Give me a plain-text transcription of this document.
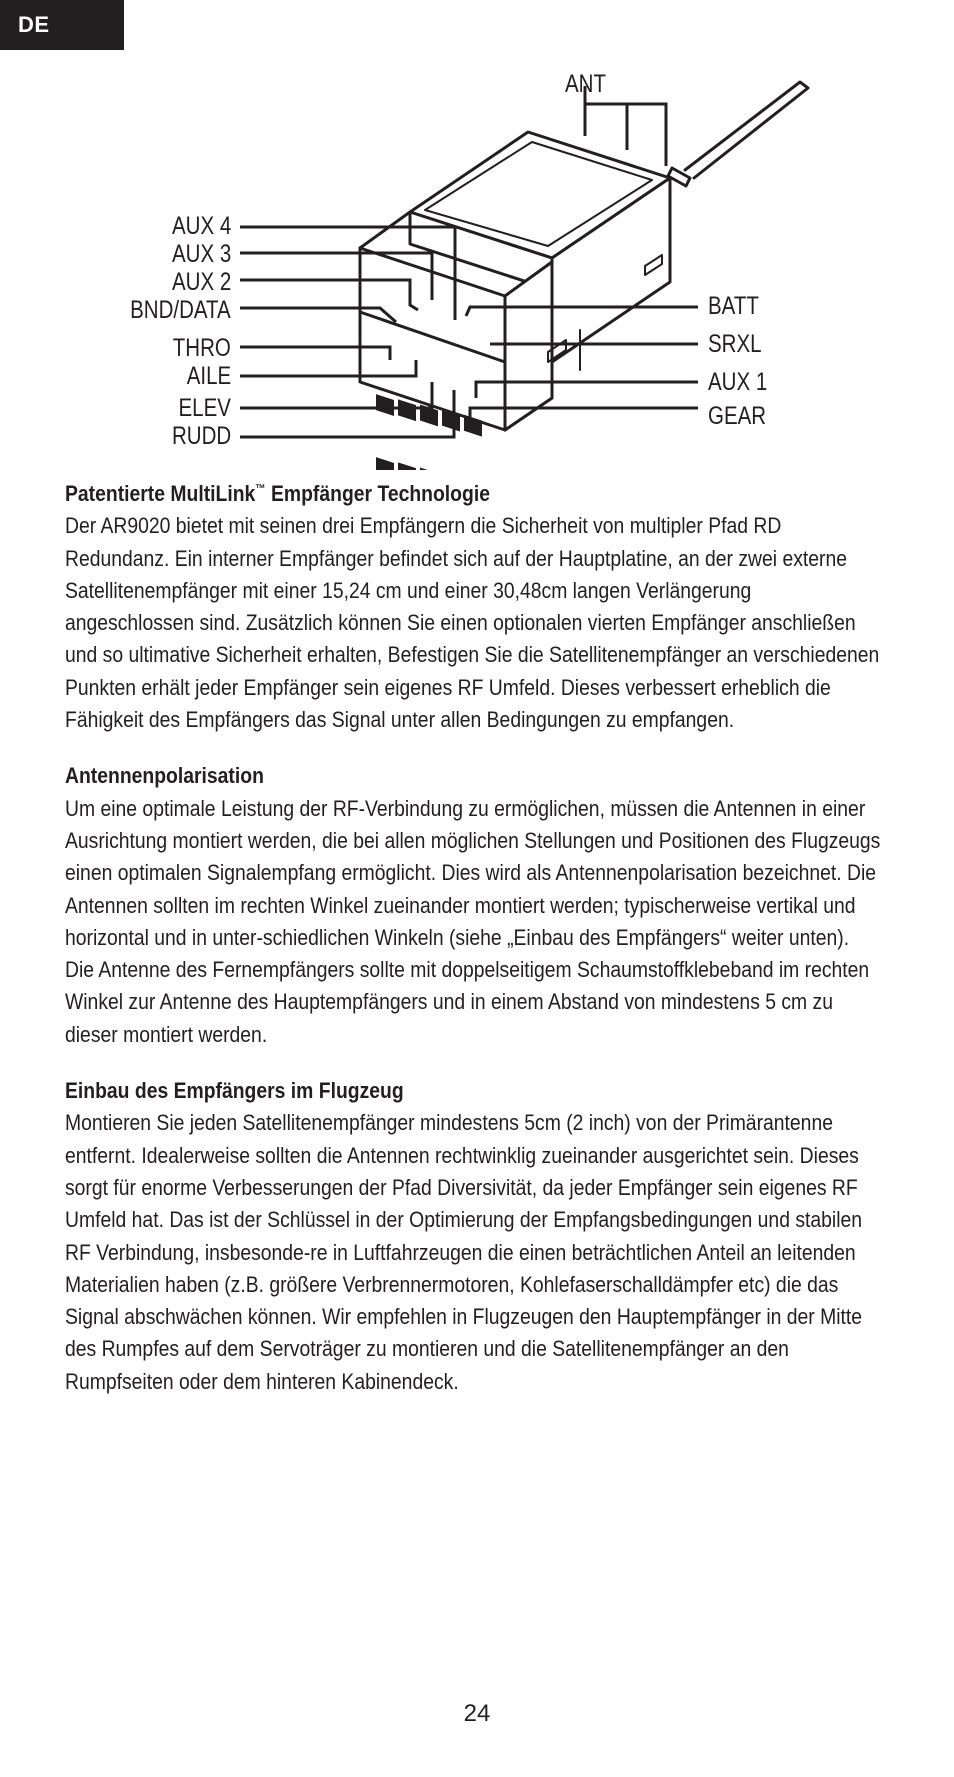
DE
ANT
AUX 4
AUX 3
AUX 2
BND/DATA
THRO
AILE
ELEV
RUDD
BATT
SRXL
AUX 1
GEAR
Patentierte MultiLink™ Empfänger Technologie

Der AR9020 bietet mit seinen drei Empfängern die Sicherheit von multipler Pfad RD Redundanz. Ein interner Empfänger befindet sich auf der Hauptplatine, an der zwei externe Satellitenempfänger mit einer 15,24 cm und einer 30,48cm langen Verlängerung angeschlossen sind. Zusätzlich können Sie einen optionalen vierten Empfänger anschließen und so ultimative Sicherheit erhalten, Befestigen Sie die Satellitenempfänger an verschiedenen Punkten erhält jeder Empfänger sein eigenes RF Umfeld. Dieses verbessert erheblich die Fähigkeit des Empfängers das Signal unter allen Bedingungen zu empfangen.

Antennenpolarisation

Um eine optimale Leistung der RF-Verbindung zu ermöglichen, müssen die Antennen in einer Ausrichtung montiert werden, die bei allen möglichen Stellungen und Positionen des Flugzeugs einen optimalen Signalempfang ermöglicht. Dies wird als Antennenpolarisation bezeichnet. Die Antennen sollten im rechten Winkel zueinander montiert werden; typischerweise vertikal und horizontal und in unter-schiedlichen Winkeln (siehe „Einbau des Empfängers“ weiter unten). Die Antenne des Fernempfängers sollte mit doppelseitigem Schaumstoffklebeband im rechten Winkel zur Antenne des Hauptempfängers und in einem Abstand von mindestens 5 cm zu dieser montiert werden.

Einbau des Empfängers im Flugzeug

Montieren Sie jeden Satellitenempfänger mindestens 5cm (2 inch) von der Primärantenne entfernt. Idealerweise sollten die Antennen rechtwinklig zueinander ausgerichtet sein. Dieses sorgt für enorme Verbesserungen der Pfad Diversivität, da jeder Empfänger sein eigenes RF Umfeld hat. Das ist der Schlüssel in der Optimierung der Empfangsbedingungen und stabilen RF Verbindung, insbesonde-re in Luftfahrzeugen die einen beträchtlichen Anteil an leitenden Materialien haben (z.B. größere Verbrennermotoren, Kohlefaserschalldämpfer etc) die das Signal abschwächen können. Wir empfehlen in Flugzeugen den Hauptempfänger in der Mitte des Rumpfes auf dem Servoträger zu montieren und die Satellitenempfänger an den Rumpfseiten oder dem hinteren Kabinendeck.

24
